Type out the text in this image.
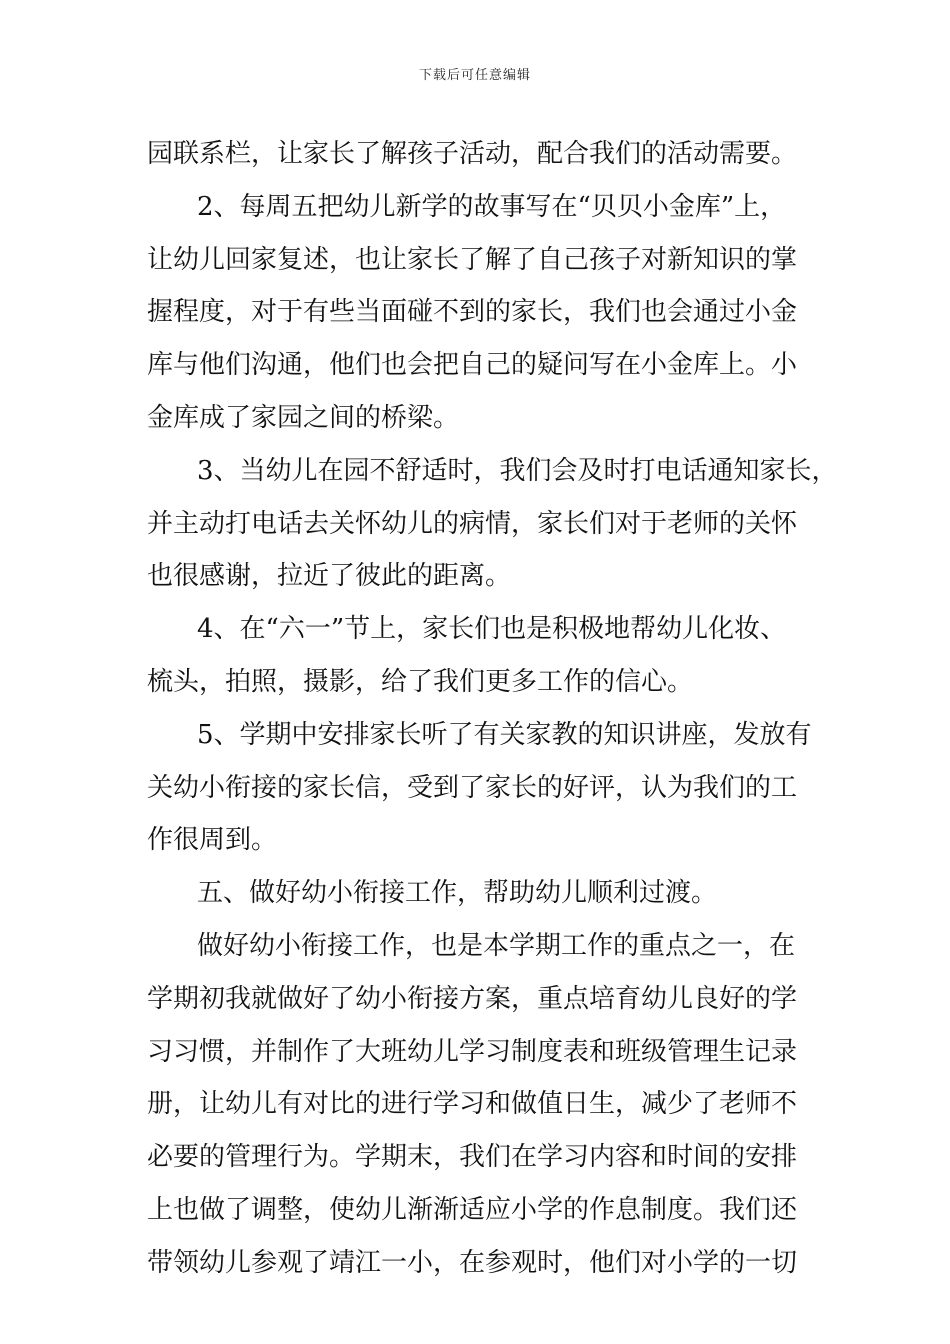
下载后可任意编辑
园联系栏，让家长了解孩子活动，配合我们的活动需要。
2、每周五把幼儿新学的故事写在“贝贝小金库”上，
让幼儿回家复述，也让家长了解了自己孩子对新知识的掌
握程度，对于有些当面碰不到的家长，我们也会通过小金
库与他们沟通，他们也会把自己的疑问写在小金库上。小
金库成了家园之间的桥梁。
3、当幼儿在园不舒适时，我们会及时打电话通知家长，
并主动打电话去关怀幼儿的病情，家长们对于老师的关怀
也很感谢，拉近了彼此的距离。
4、在“六一”节上，家长们也是积极地帮幼儿化妆、
梳头，拍照，摄影，给了我们更多工作的信心。
5、学期中安排家长听了有关家教的知识讲座，发放有
关幼小衔接的家长信，受到了家长的好评，认为我们的工
作很周到。
五、做好幼小衔接工作，帮助幼儿顺利过渡。
做好幼小衔接工作，也是本学期工作的重点之一，在
学期初我就做好了幼小衔接方案，重点培育幼儿良好的学
习习惯，并制作了大班幼儿学习制度表和班级管理生记录
册，让幼儿有对比的进行学习和做值日生，减少了老师不
必要的管理行为。学期末，我们在学习内容和时间的安排
上也做了调整，使幼儿渐渐适应小学的作息制度。我们还
带领幼儿参观了靖江一小，在参观时，他们对小学的一切
